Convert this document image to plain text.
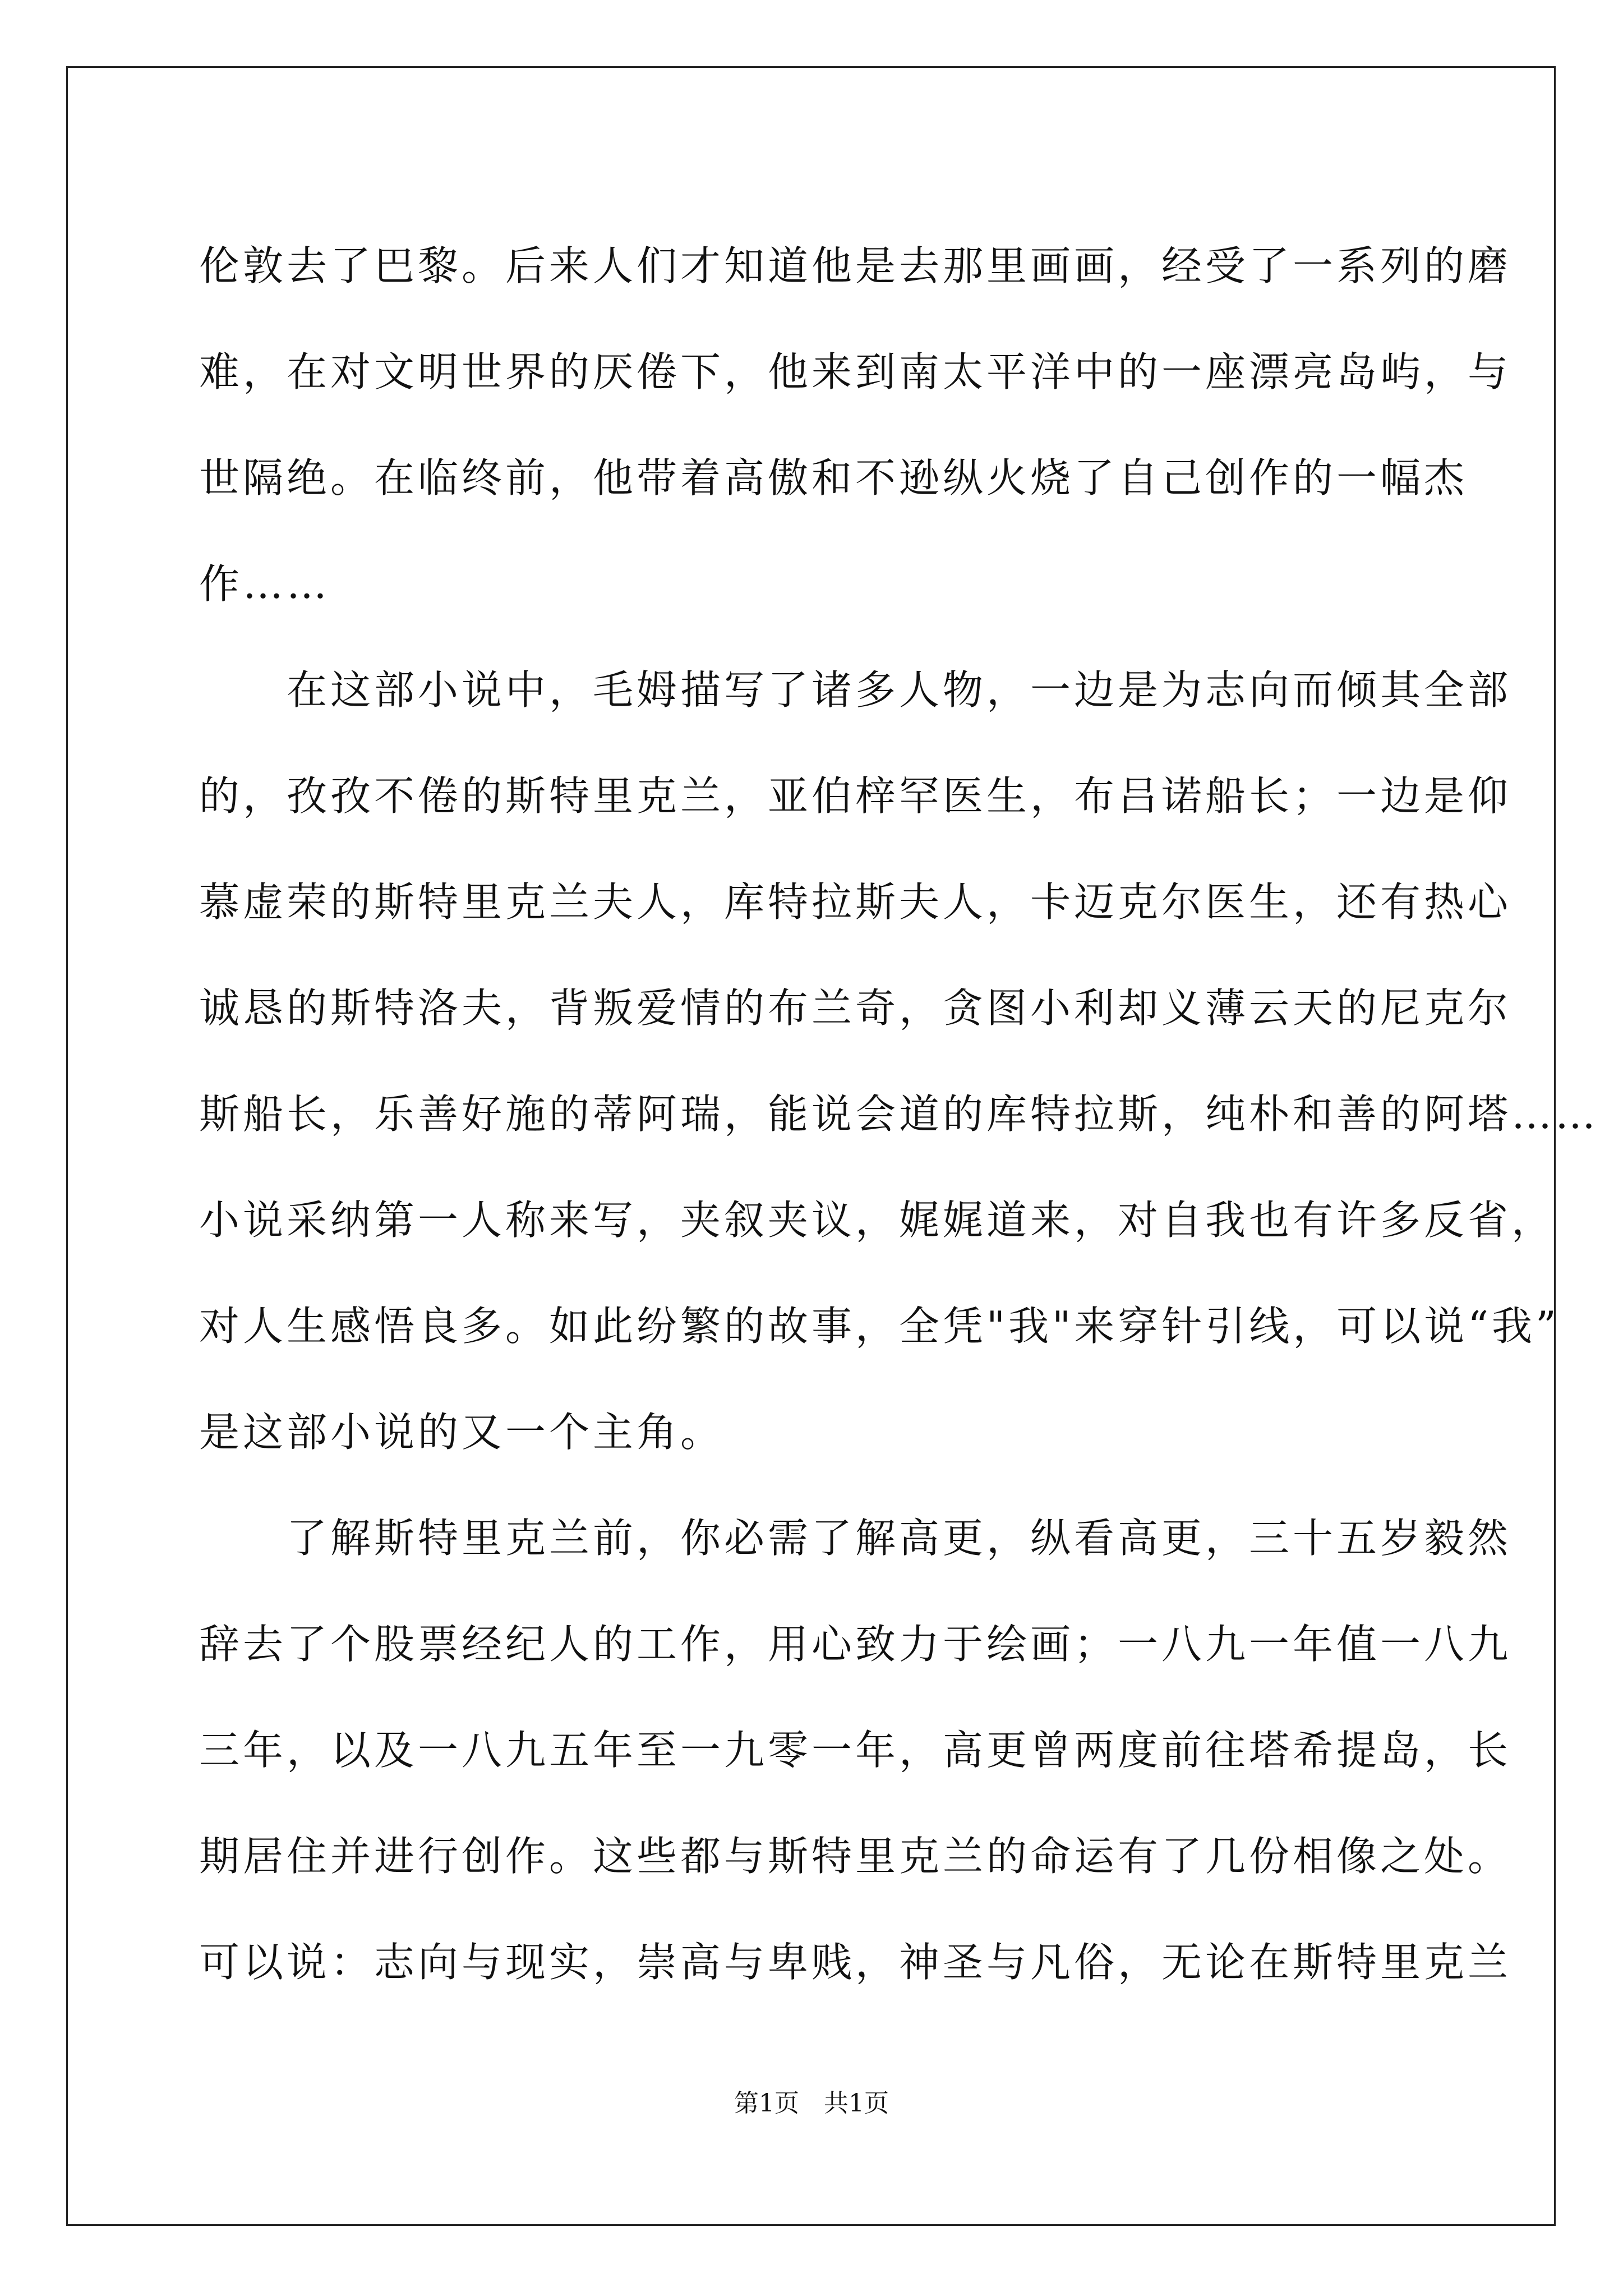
伦敦去了巴黎。后来人们才知道他是去那里画画，经受了一系列的磨
难，在对文明世界的厌倦下，他来到南太平洋中的一座漂亮岛屿，与
世隔绝。在临终前，他带着高傲和不逊纵火烧了自己创作的一幅杰
作……
　　在这部小说中，毛姆描写了诸多人物，一边是为志向而倾其全部
的，孜孜不倦的斯特里克兰，亚伯梓罕医生，布吕诺船长；一边是仰
慕虚荣的斯特里克兰夫人，库特拉斯夫人，卡迈克尔医生，还有热心
诚恳的斯特洛夫，背叛爱情的布兰奇，贪图小利却义薄云天的尼克尔
斯船长，乐善好施的蒂阿瑞，能说会道的库特拉斯，纯朴和善的阿塔……
小说采纳第一人称来写，夹叙夹议，娓娓道来，对自我也有许多反省，
对人生感悟良多。如此纷繁的故事，全凭"我"来穿针引线，可以说“我”
是这部小说的又一个主角。
　　了解斯特里克兰前，你必需了解高更，纵看高更，三十五岁毅然
辞去了个股票经纪人的工作，用心致力于绘画；一八九一年值一八九
三年，以及一八九五年至一九零一年，高更曾两度前往塔希提岛，长
期居住并进行创作。这些都与斯特里克兰的命运有了几份相像之处。
可以说：志向与现实，崇高与卑贱，神圣与凡俗，无论在斯特里克兰
第1页　共1页
